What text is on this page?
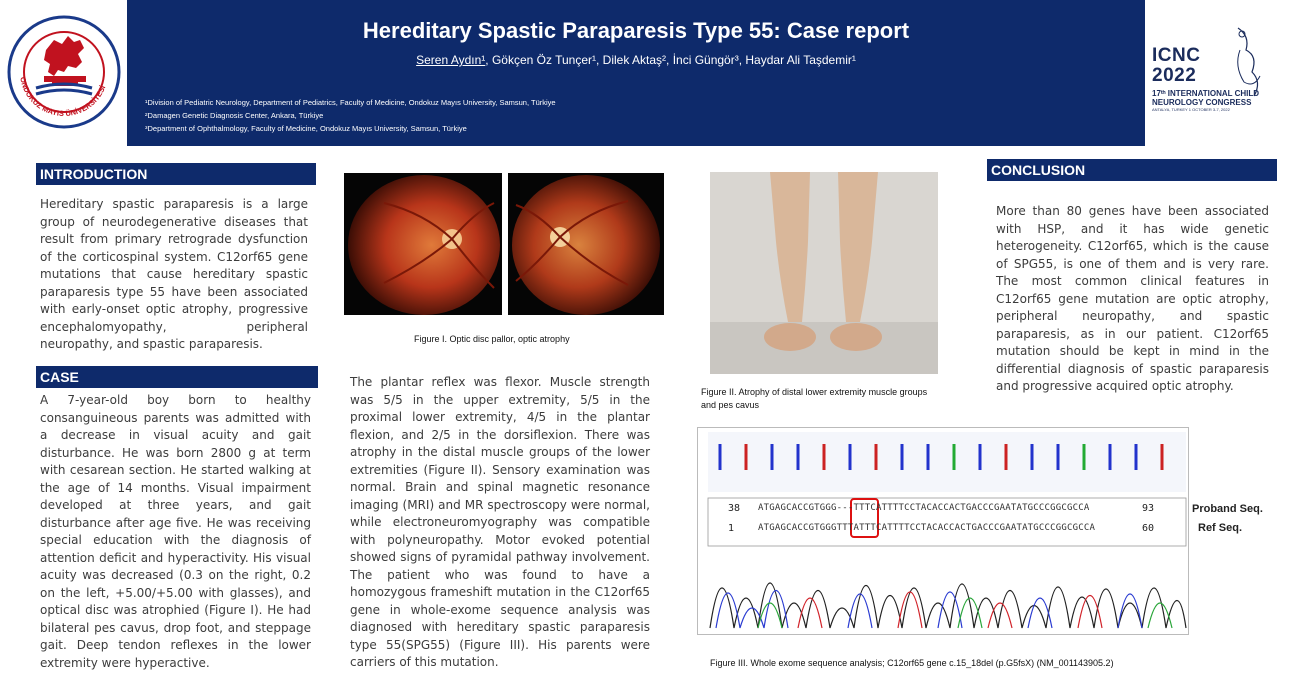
ONDOKUZ MAYIS ÜNİVERSİTESİ
Hereditary Spastic Paraparesis Type 55: Case report
Seren Aydın¹, Gökçen Öz Tunçer¹, Dilek Aktaş², İnci Güngör³, Haydar Ali Taşdemir¹
¹Division of Pediatric Neurology, Department of Pediatrics, Faculty of Medicine, Ondokuz Mayıs University, Samsun, Türkiye
²Damagen Genetic Diagnosis Center, Ankara, Türkiye
³Department of Ophthalmology, Faculty of Medicine, Ondokuz Mayıs University, Samsun, Türkiye
ICNC
2022
17ᵗʰ INTERNATIONAL CHILD
NEUROLOGY CONGRESS
ANTALYA, TURKEY 1 OCTOBER 3-7, 2022
INTRODUCTION
Hereditary spastic paraparesis is a large group of neurodegenerative diseases that result from primary retrograde dysfunction of the corticospinal system. C12orf65 gene mutations that cause hereditary spastic paraparesis type 55 have been associated with early-onset optic atrophy, progressive encephalomyopathy, peripheral neuropathy, and spastic paraparesis.
CASE
A 7-year-old boy born to healthy consanguineous parents was admitted with a decrease in visual acuity and gait disturbance. He was born 2800 g at term with cesarean section. He started walking at the age of 14 months. Visual impairment developed at three years, and gait disturbance after age five. He was receiving special education with the diagnosis of attention deficit and hyperactivity. His visual acuity was decreased (0.3 on the right, 0.2 on the left, +5.00/+5.00 with glasses), and optical disc was atrophied (Figure I). He had bilateral pes cavus, drop foot, and steppage gait. Deep tendon reflexes in the lower extremity were hyperactive.
Figure I. Optic disc pallor, optic atrophy
The plantar reflex was flexor. Muscle strength was 5/5 in the upper extremity, 5/5 in the proximal lower extremity, 4/5 in the plantar flexion, and 2/5 in the dorsiflexion. There was atrophy in the distal muscle groups of the lower extremities (Figure II). Sensory examination was normal. Brain and spinal magnetic resonance imaging (MRI) and MR spectroscopy were normal, while electroneuromyography was compatible with polyneuropathy. Motor evoked potential showed signs of pyramidal pathway involvement. The patient who was found to have a homozygous frameshift mutation in the C12orf65 gene in whole-exome sequence analysis was diagnosed with hereditary spastic paraparesis type 55(SPG55) (Figure III). His parents were carriers of this mutation.
Figure II. Atrophy of distal lower extremity muscle groups and pes cavus
38 ATGAGCACCGTGGG---TTTCATTTTCCTACACCACTGACCCGAATATGCCCGGCGCCA	93
1	ATGAGCACCGTGGGTTTATTTCATTTTCCTACACCACTGACCCGAATATGCCCGGCGCCA	60
Proband Seq.
Ref Seq.
Figure III. Whole exome sequence analysis; C12orf65 gene c.15_18del (p.G5fsX) (NM_001143905.2)
CONCLUSION
More than 80 genes have been associated with HSP, and it has wide genetic heterogeneity. C12orf65, which is the cause of SPG55, is one of them and is very rare. The most common clinical features in C12orf65 gene mutation are optic atrophy, peripheral neuropathy, and spastic paraparesis, as in our patient. C12orf65 mutation should be kept in mind in the differential diagnosis of spastic paraparesis and progressive acquired optic atrophy.
